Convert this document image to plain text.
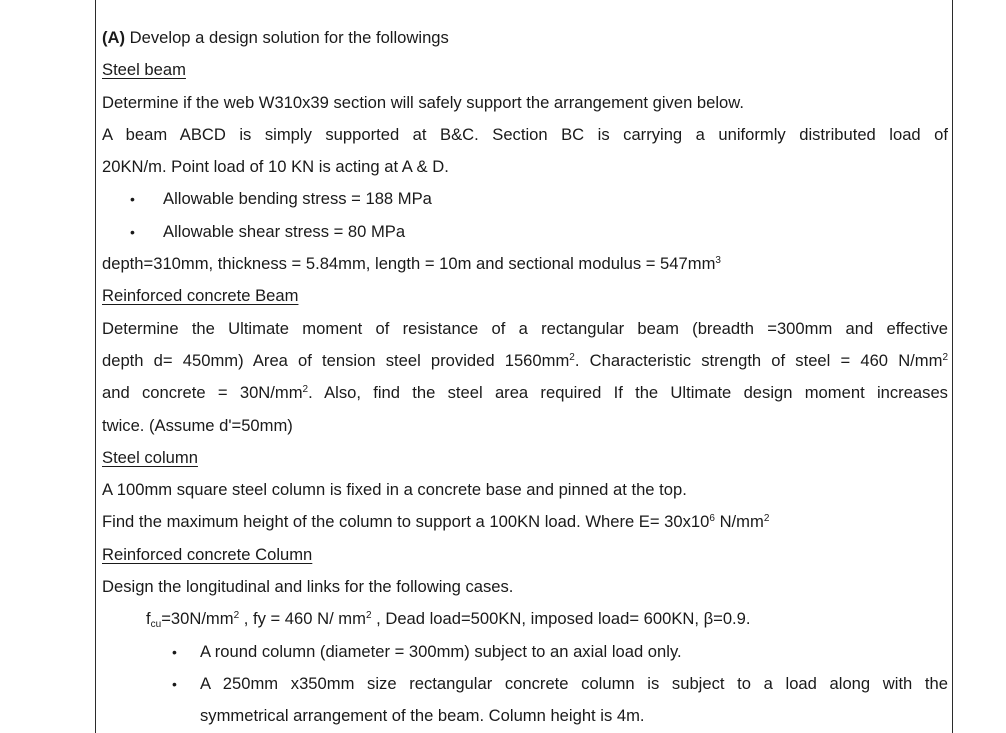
(A) Develop a design solution for the followings
Steel beam
Determine if the web W310x39 section will safely support the arrangement given below.
A beam ABCD is simply supported at B&C. Section BC is carrying a uniformly distributed load of
20KN/m. Point load of 10 KN is acting at A & D.
• Allowable bending stress = 188 MPa
• Allowable shear stress = 80 MPa
depth=310mm, thickness = 5.84mm, length = 10m and sectional modulus = $547mm^3$
Reinforced concrete Beam
Determine the Ultimate moment of resistance of a rectangular beam (breadth =300mm and effective
depth d= 450mm) Area of tension steel provided $1560mm^2$. Characteristic strength of steel = 460 $N/mm^2$
and concrete = $30N/mm^2$. Also, find the steel area required If the Ultimate design moment increases
twice. (Assume d'=50mm)
Steel column
A 100mm square steel column is fixed in a concrete base and pinned at the top.
Find the maximum height of the column to support a 100KN load. Where $E= 30x10^6$ $N/mm^2$
Reinforced concrete Column
Design the longitudinal and links for the following cases.
$f_{cu}=30N/mm^2$ , fy = 460 N/ $mm^2$ , Dead load=500KN, imposed load= 600KN, β=0.9.
• A round column (diameter = 300mm) subject to an axial load only.
• A 250mm x350mm size rectangular concrete column is subject to a load along with the
symmetrical arrangement of the beam. Column height is 4m.
